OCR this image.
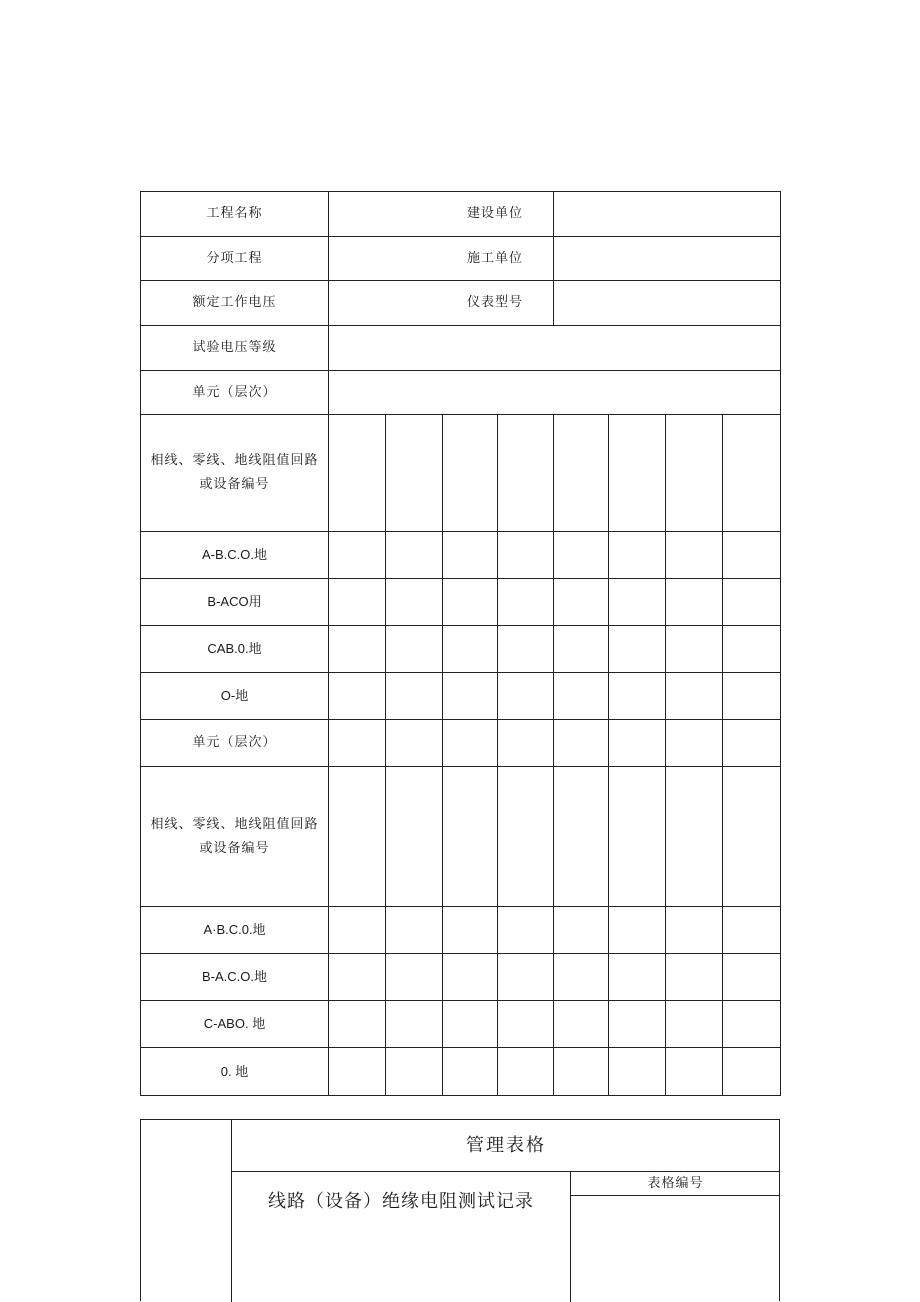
工程名称	建设单位							
分项工程	施工单位							
额定工作电压	仪表型号							
试验电压等级								
单元（层次）								

相线、零线、地线阻值回路
或设备编号								

A-B.C.O.地								
B-ACO用								
CAB.0.地								
O-地								
单元（层次）								

相线、零线、地线阻值回路
或设备编号								

A·B.C.0.地								
B-A.C.O.地								
C-ABO. 地								
0. 地								
管理表格
线路（设备）绝缘电阻测试记录
表格编号
